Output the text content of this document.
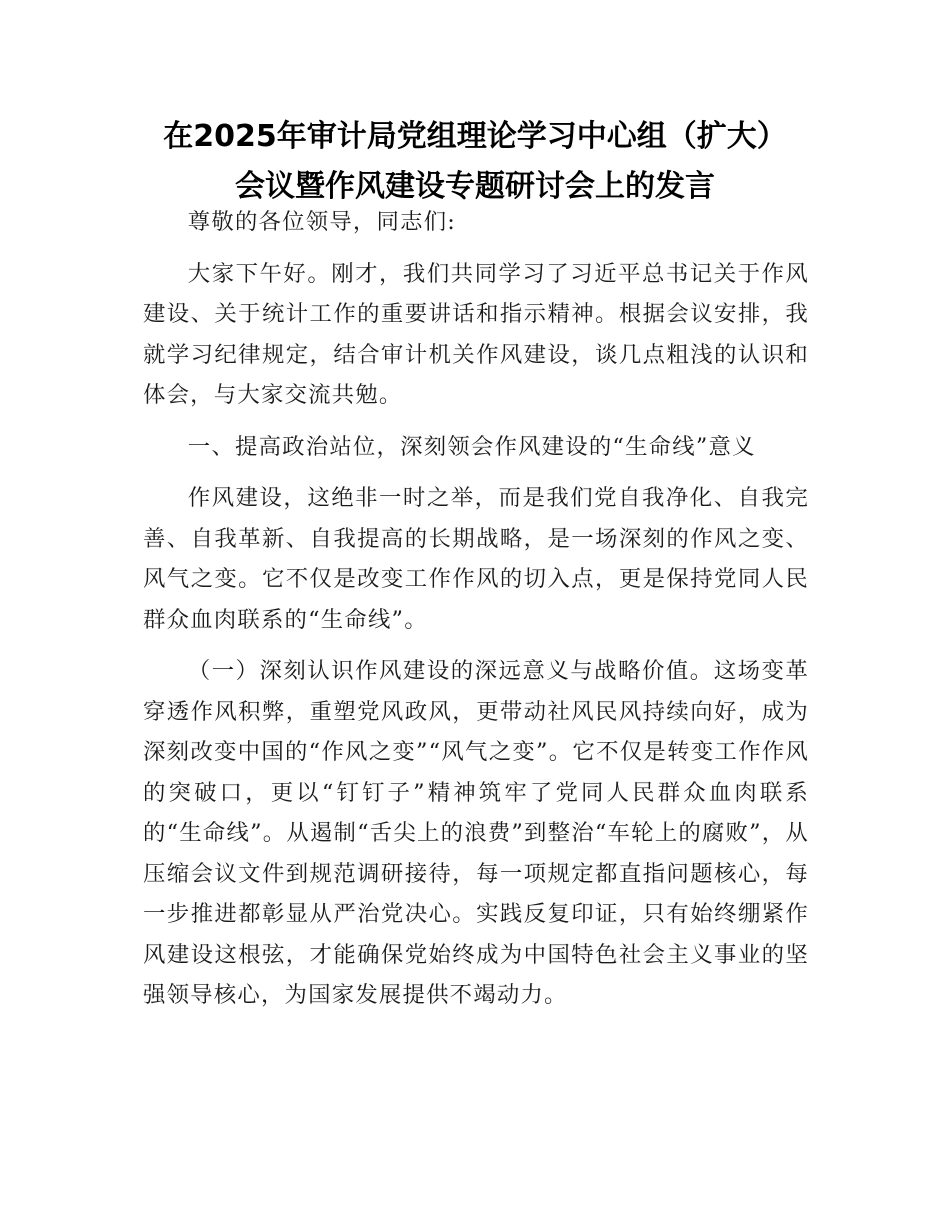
在2025年审计局党组理论学习中心组（扩大）
会议暨作风建设专题研讨会上的发言

尊敬的各位领导，同志们:

大家下午好。刚才，我们共同学习了习近平总书记关于作风建设、关于统计工作的重要讲话和指示精神。根据会议安排，我就学习纪律规定，结合审计机关作风建设，谈几点粗浅的认识和体会，与大家交流共勉。

一、提高政治站位，深刻领会作风建设的“生命线”意义

作风建设，这绝非一时之举，而是我们党自我净化、自我完善、自我革新、自我提高的长期战略，是一场深刻的作风之变、风气之变。它不仅是改变工作作风的切入点，更是保持党同人民群众血肉联系的“生命线”。

（一）深刻认识作风建设的深远意义与战略价值。这场变革穿透作风积弊，重塑党风政风，更带动社风民风持续向好，成为深刻改变中国的“作风之变”“风气之变”。它不仅是转变工作作风的突破口，更以“钉钉子”精神筑牢了党同人民群众血肉联系的“生命线”。从遏制“舌尖上的浪费”到整治“车轮上的腐败”，从压缩会议文件到规范调研接待，每一项规定都直指问题核心，每一步推进都彰显从严治党决心。实践反复印证，只有始终绷紧作风建设这根弦，才能确保党始终成为中国特色社会主义事业的坚强领导核心，为国家发展提供不竭动力。
